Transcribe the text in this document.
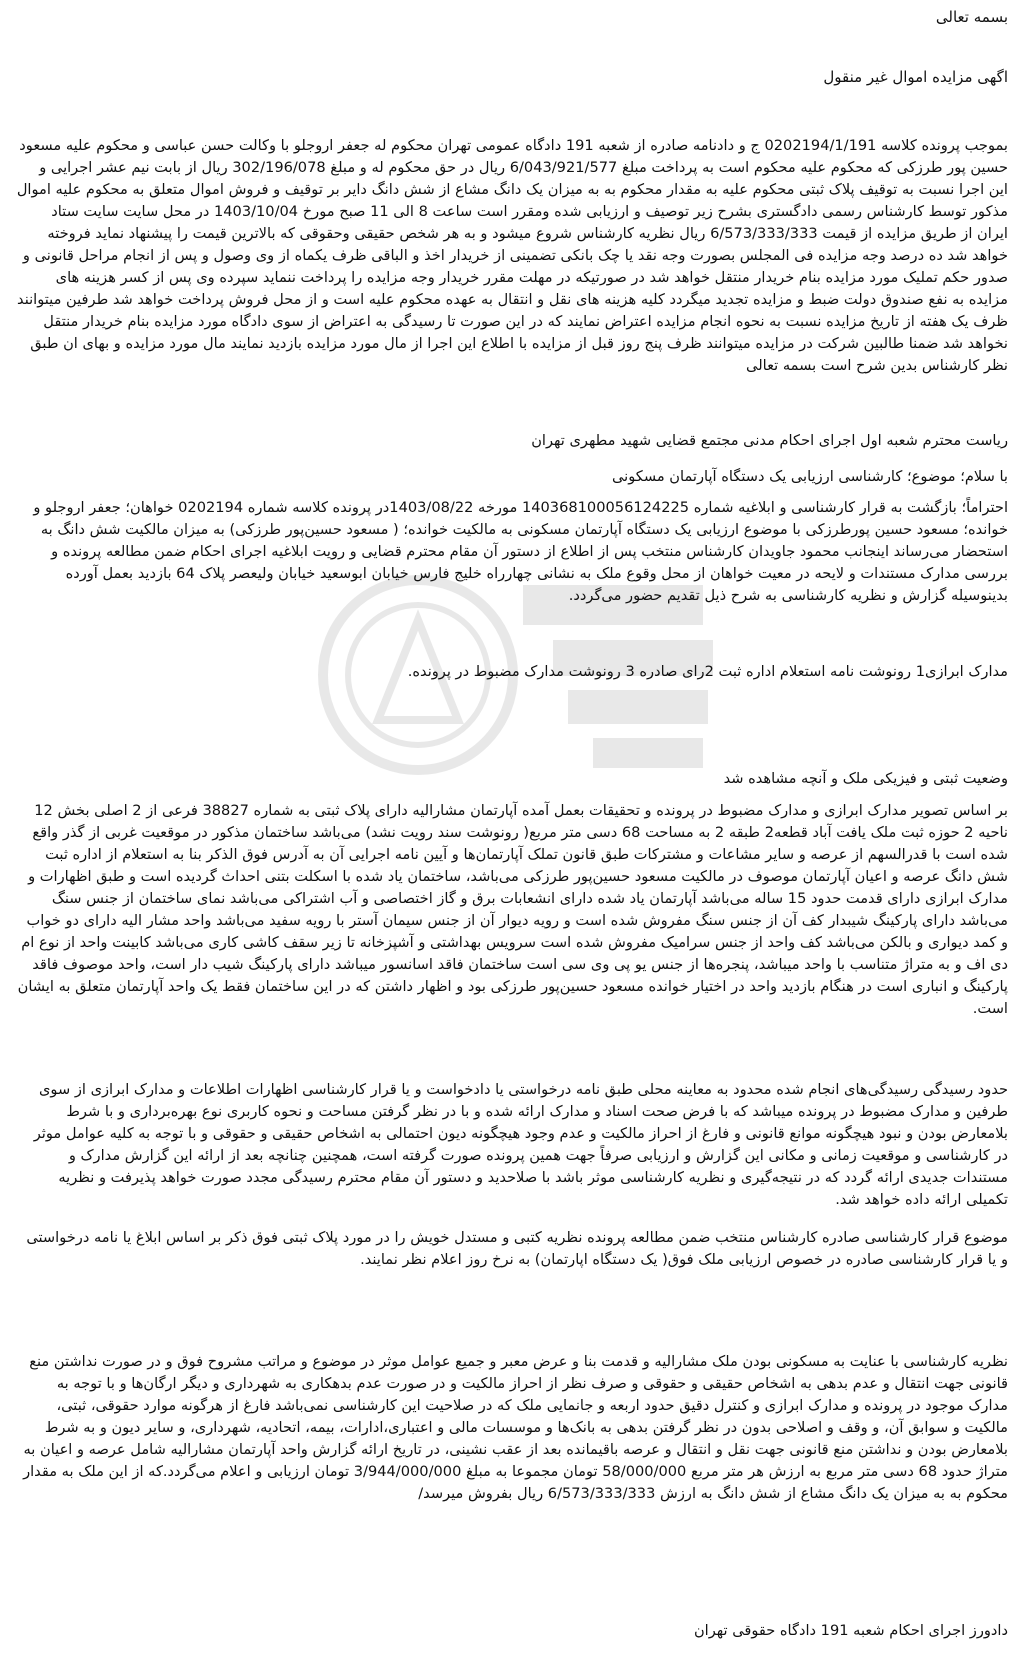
بسمه تعالی

اگهی مزایده اموال غیر منقول

بموجب پرونده کلاسه 0202194/1/191 ج و دادنامه صادره از شعبه 191 دادگاه عمومی تهران محکوم له جعفر اروجلو با وکالت حسن عباسی و محکوم علیه مسعود حسین پور طرزکی که محکوم علیه محکوم است به پرداخت مبلغ 6/043/921/577 ریال در حق محکوم له و مبلغ 302/196/078 ریال از بابت نیم عشر اجرایی و این اجرا نسبت به توقیف پلاک ثبتی محکوم علیه به مقدار محکوم به به میزان یک دانگ مشاع از شش دانگ دایر بر توقیف و فروش اموال متعلق به محکوم علیه اموال مذکور توسط کارشناس رسمی دادگستری بشرح زیر توصیف و ارزیابی شده ومقرر است ساعت 8 الی 11 صبح مورخ 1403/10/04 در محل سایت سایت ستاد ایران از طریق مزایده از قیمت 6/573/333/333 ریال نظریه کارشناس شروع میشود و به هر شخص حقیقی وحقوقی که بالاترین قیمت را پیشنهاد نماید فروخته خواهد شد ده درصد وجه مزایده فی المجلس بصورت وجه نقد یا چک بانکی تضمینی از خریدار اخذ و الباقی ظرف یکماه از وی وصول و پس از انجام مراحل قانونی و صدور حکم تملیک مورد مزایده بنام خریدار منتقل خواهد شد در صورتیکه در مهلت مقرر خریدار وجه مزایده را پرداخت ننماید سپرده وی پس از کسر هزینه های مزایده به نفع صندوق دولت ضبط و مزایده تجدید میگردد کلیه هزینه های نقل و انتقال به عهده محکوم علیه است و از محل فروش پرداخت خواهد شد طرفین میتوانند ظرف یک هفته از تاریخ مزایده نسبت به نحوه انجام مزایده اعتراض نمایند که در این صورت تا رسیدگی به اعتراض از سوی دادگاه مورد مزایده بنام خریدار منتقل نخواهد شد ضمنا طالبین شرکت در مزایده میتوانند ظرف پنج روز قبل از مزایده با اطلاع این اجرا از مال مورد مزایده بازدید نمایند مال مورد مزایده و بهای ان طبق نظر کارشناس بدین شرح است بسمه تعالی

ریاست محترم شعبه اول اجرای احکام مدنی مجتمع قضایی شهید مطهری تهران

با سلام؛ موضوع؛ کارشناسی ارزیابی یک دستگاه آپارتمان مسکونی

احتراماً؛ بازگشت به قرار کارشناسی و ابلاغیه شماره 140368100056124225 مورخه 1403/08/22در پرونده کلاسه شماره 0202194 خواهان؛ جعفر اروجلو و خوانده؛ مسعود حسین پورطرزکی با موضوع ارزیابی یک دستگاه آپارتمان مسکونی به مالکیت خوانده؛ ( مسعود حسین‌پور طرزکی) به میزان مالکیت شش دانگ به استحضار می‌رساند اینجانب محمود جاویدان کارشناس منتخب پس از اطلاع از دستور آن مقام محترم قضایی و رویت ابلاغیه اجرای احکام ضمن مطالعه پرونده و بررسی مدارک مستندات و لایحه در معیت خواهان از محل وقوع ملک به نشانی چهارراه خلیج فارس خیابان ابوسعید خیابان ولیعصر پلاک 64 بازدید بعمل آورده بدینوسیله گزارش و نظریه کارشناسی به شرح ذیل تقدیم حضور می‌گردد.

مدارک ابرازی1 رونوشت نامه استعلام اداره ثبت 2رای صادره 3 رونوشت مدارک مضبوط در پرونده.

وضعیت ثبتی و فیزیکی ملک و آنچه مشاهده شد

بر اساس تصویر مدارک ابرازی و مدارک مضبوط در پرونده و تحقیقات بعمل آمده آپارتمان مشارالیه دارای پلاک ثبتی به شماره 38827 فرعی از 2 اصلی بخش 12 ناحیه 2 حوزه ثبت ملک یافت آباد قطعه2 طبقه 2 به مساحت 68 دسی متر مربع( رونوشت سند رویت نشد) می‌باشد ساختمان مذکور در موقعیت غربی از گذر واقع شده است با قدرالسهم از عرصه و سایر مشاعات و مشترکات طبق قانون تملک آپارتمان‌ها و آیین نامه اجرایی آن به آدرس فوق الذکر بنا به استعلام از اداره ثبت شش دانگ عرصه و اعیان آپارتمان موصوف در مالکیت مسعود حسین‌پور طرزکی می‌باشد، ساختمان یاد شده با اسکلت بتنی احداث گردیده است و طبق اظهارات و مدارک ابرازی دارای قدمت حدود 15 ساله می‌باشد آپارتمان یاد شده دارای انشعابات برق و گاز اختصاصی و آب اشتراکی می‌باشد نمای ساختمان از جنس سنگ می‌باشد دارای پارکینگ شیبدار کف آن از جنس سنگ مفروش شده است و رویه دیوار آن از جنس سیمان آستر با رویه سفید می‌باشد واحد مشار الیه دارای دو خواب و کمد دیواری و بالکن می‌باشد کف واحد از جنس سرامیک مفروش شده است سرویس بهداشتی و آشپزخانه تا زیر سقف کاشی کاری می‌باشد کابینت واحد از نوع ام دی اف و به متراژ متناسب با واحد میباشد، پنجره‌ها از جنس یو پی وی سی است ساختمان فاقد اسانسور میباشد دارای پارکینگ شیب دار است، واحد موصوف فاقد پارکینگ و انباری است در هنگام بازدید واحد در اختیار خوانده مسعود حسین‌پور طرزکی بود و اظهار داشتن که در این ساختمان فقط یک واحد آپارتمان متعلق به ایشان است.

حدود رسیدگی رسیدگی‌های انجام شده محدود به معاینه محلی طبق نامه درخواستی یا دادخواست و یا قرار کارشناسی اظهارات اطلاعات و مدارک ابرازی از سوی طرفین و مدارک مضبوط در پرونده میباشد که با فرض صحت اسناد و مدارک ارائه شده و با در نظر گرفتن مساحت و نحوه کاربری نوع بهره‌برداری و با شرط بلامعارض بودن و نبود هیچگونه موانع قانونی و فارغ از احراز مالکیت و عدم وجود هیچگونه دیون احتمالی به اشخاص حقیقی و حقوقی و با توجه به کلیه عوامل موثر در کارشناسی و موقعیت زمانی و مکانی این گزارش و ارزیابی صرفاً جهت همین پرونده صورت گرفته است، همچنین چنانچه بعد از ارائه این گزارش مدارک و مستندات جدیدی ارائه گردد که در نتیجه‌گیری و نظریه کارشناسی موثر باشد با صلاحدید و دستور آن مقام محترم رسیدگی مجدد صورت خواهد پذیرفت و نظریه تکمیلی ارائه داده خواهد شد.

موضوع قرار کارشناسی صادره کارشناس منتخب ضمن مطالعه پرونده نظریه کتبی و مستدل خویش را در مورد پلاک ثبتی فوق ذکر بر اساس ابلاغ یا نامه درخواستی و یا قرار کارشناسی صادره در خصوص ارزیابی ملک فوق( یک دستگاه اپارتمان) به نرخ روز اعلام نظر نمایند.

نظریه کارشناسی با عنایت به مسکونی بودن ملک مشارالیه و قدمت بنا و عرض معبر و جمیع عوامل موثر در موضوع و مراتب مشروح فوق و در صورت نداشتن منع قانونی جهت انتقال و عدم بدهی به اشخاص حقیقی و حقوقی و صرف نظر از احراز مالکیت و در صورت عدم بدهکاری به شهرداری و دیگر ارگان‌ها و با توجه به مدارک موجود در پرونده و مدارک ابرازی و کنترل دقیق حدود اربعه و جانمایی ملک که در صلاحیت این کارشناسی نمی‌باشد فارغ از هرگونه موارد حقوقی، ثبتی، مالکیت و سوابق آن، و وقف و اصلاحی بدون در نظر گرفتن بدهی به بانک‌ها و موسسات مالی و اعتباری،ادارات، بیمه، اتحادیه، شهرداری، و سایر دیون و به شرط بلامعارض بودن و نداشتن منع قانونی جهت نقل و انتقال و عرصه باقیمانده بعد از عقب نشینی، در تاریخ ارائه گزارش واحد آپارتمان مشارالیه شامل عرصه و اعیان به متراژ حدود 68 دسی متر مربع به ارزش هر متر مربع 58/000/000 تومان مجموعا به مبلغ 3/944/000/000 تومان ارزیابی و اعلام می‌گردد.که از این ملک به مقدار محکوم به به میزان یک دانگ مشاع از شش دانگ به ارزش 6/573/333/333 ریال بفروش میرسد/

دادورز اجرای احکام شعبه 191 دادگاه حقوقی تهران
